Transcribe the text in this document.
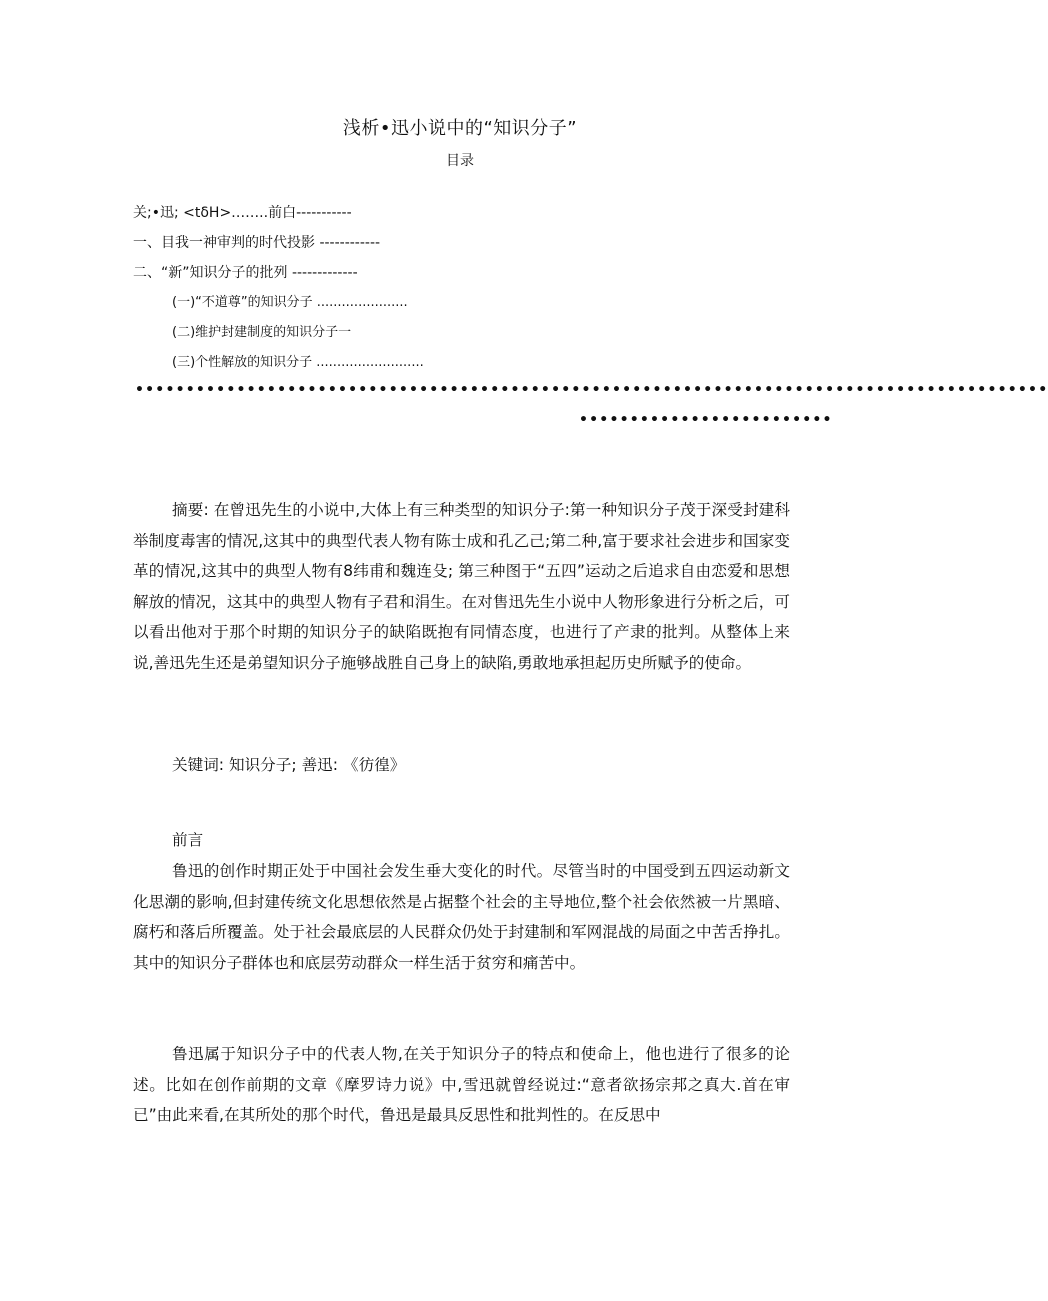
浅析•迅小说中的“知识分子”
目录
关;•迅; <tδH>……..前白-----------
一、目我一神审判的时代投影 ------------
二、“新”知识分子的批列 -------------
(一)“不道尊”的知识分子 ......................
(二)维护封建制度的知识分子一
(三)个性解放的知识分子 ..........................
••••••••••••••••••••••••••••••••••••••••••••••••••••••••••••••••••••••••••••••••••••••••••
•••••••••••••••••••••••••

摘要: 在曾迅先生的小说中,大体上有三种类型的知识分子:第一种知识分子茂于深受封建科举制度毒害的情况,这其中的典型代表人物有陈士成和孔乙己;第二种,富于要求社会进步和国家变革的情况,这其中的典型人物有8纬甫和魏连殳; 第三种图于“五四”运动之后追求自由恋爱和思想解放的情况，这其中的典型人物有子君和涓生。在对售迅先生小说中人物形象进行分析之后，可以看出他对于那个时期的知识分子的缺陷既抱有同情态度，也进行了产隶的批判。从整体上来说,善迅先生还是弟望知识分子施够战胜自己身上的缺陷,勇敢地承担起历史所赋予的使命。

关键词: 知识分子; 善迅: 《彷徨》

前言

鲁迅的创作时期正处于中国社会发生垂大变化的时代。尽管当时的中国受到五四运动新文化思潮的影响,但封建传统文化思想依然是占据整个社会的主导地位,整个社会依然被一片黑暗、腐朽和落后所覆盖。处于社会最底层的人民群众仍处于封建制和军网混战的局面之中苦舌挣扎。其中的知识分子群体也和底层劳动群众一样生活于贫穷和痛苦中。

鲁迅属于知识分子中的代表人物,在关于知识分子的特点和使命上，他也进行了很多的论述。比如在创作前期的文章《摩罗诗力说》中,雪迅就曾经说过:“意者欲扬宗邦之真大.首在审已”由此来看,在其所处的那个时代，鲁迅是最具反思性和批判性的。在反思中
